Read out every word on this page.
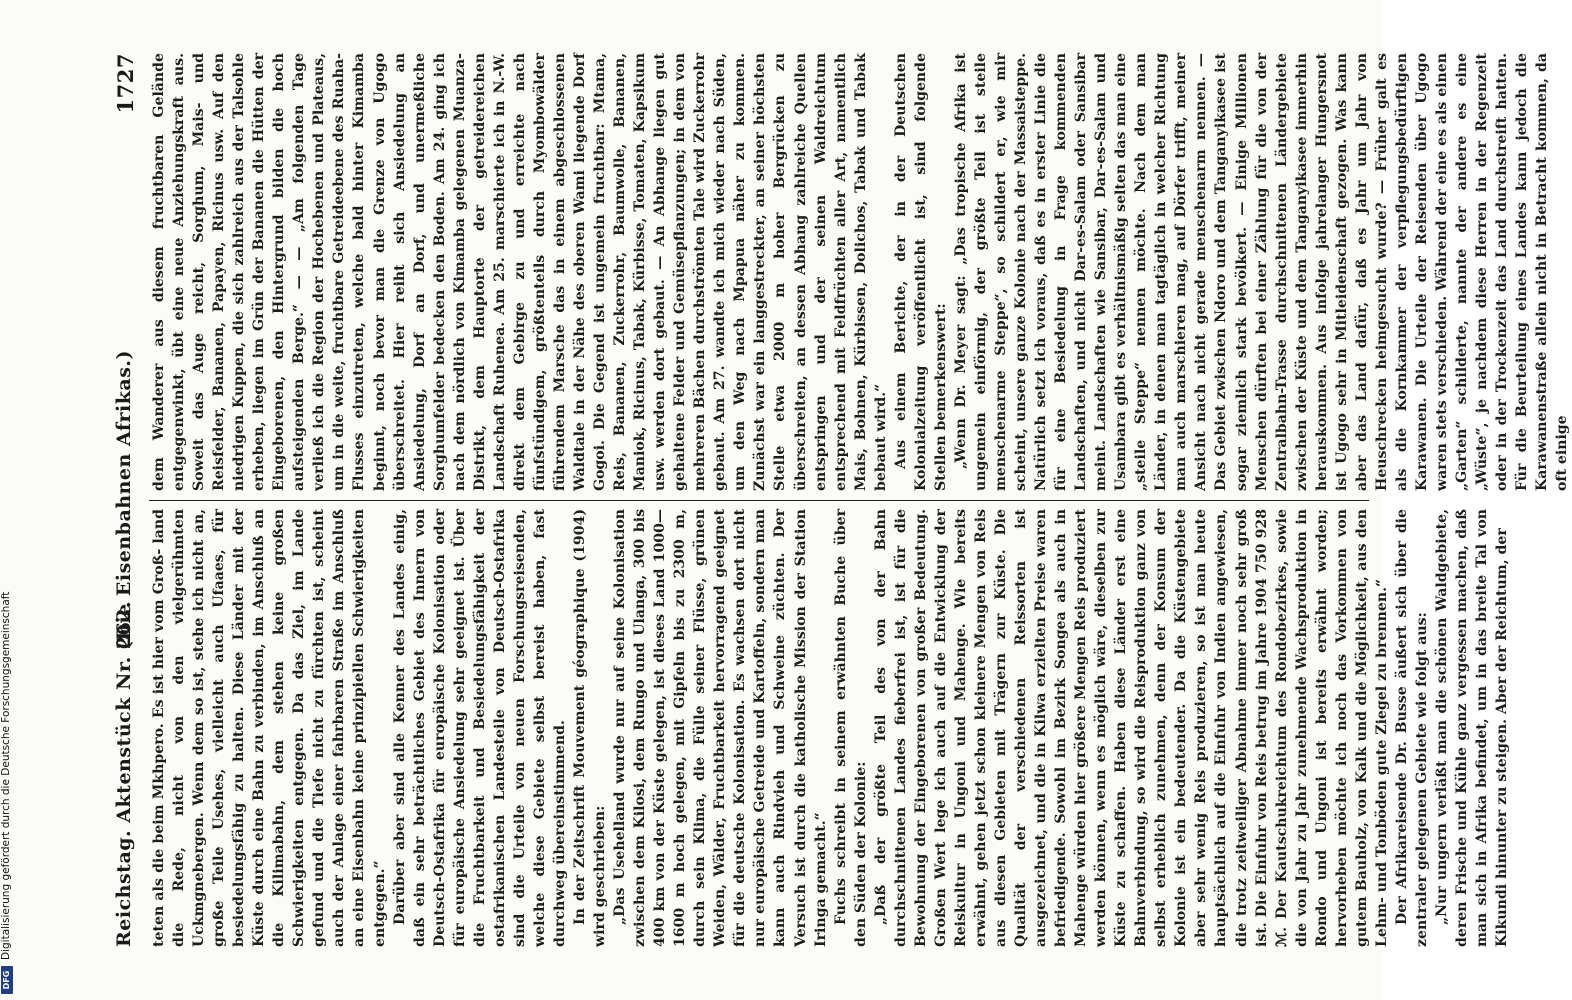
Reichstag. Aktenstück Nr. 262.
(Die Eisenbahnen Afrikas.)
1727

teten als die beim Mkhpero. Es ist hier vom Groß- land die Rede, nicht von den vielgerühmten Uckmgnebergen. Wenn dem so ist, stehe ich nicht an, große Teile Usehes, vielleicht auch Ufaaes, für besiedelungsfähig zu halten. Diese Länder mit der Küste durch eine Bahn zu verbinden, im Anschluß an die Kilimabahn, dem stehen keine großen Schwierigkeiten entgegen. Da das Ziel, im Lande gefund und die Tiefe nicht zu fürchten ist, scheint auch der Anlage einer fahrbaren Straße im Anschluß an eine Eisenbahn keine prinzipiellen Schwierigkeiten entgegen.“ Darüber aber sind alle Kenner des Landes einig, daß ein sehr beträchtliches Gebiet des Innern von Deutsch-Ostafrika für europäische Kolonisation oder für europäische Ansiedelung sehr geeignet ist. Über die Fruchtbarkeit und Besiedelungsfähigkeit der ostafrikanischen Landesteile von Deutsch-Ostafrika sind die Urteile von neuen Forschungsreisenden, welche diese Gebiete selbst bereist haben, fast durchweg übereinstimmend. In der Zeitschrift Mouvement géographique (1904) wird geschrieben: „Das Usehelland wurde nur auf seine Kolonisation zwischen dem Kilosi, dem Rungo und Ulanga, 300 bis 400 km von der Küste gelegen, ist dieses Land 1000—1600 m hoch gelegen, mit Gipfeln bis zu 2300 m, durch sein Klima, die Fülle seiner Flüsse, grünen Weiden, Wälder, Fruchtbarkeit hervorragend geeignet für die deutsche Kolonisation. Es wachsen dort nicht nur europäische Getreide und Kartoffeln, sondern man kann auch Rindvieh und Schweine züchten. Der Versuch ist durch die katholische Mission der Station Iringa gemacht.“ Fuchs schreibt in seinem erwähnten Buche über den Süden der Kolonie: „Daß der größte Teil des von der Bahn durchschnittenen Landes fieberfrei ist, ist für die Bewohnung der Eingeborenen von großer Bedeutung. Großen Wert lege ich auch auf die Entwicklung der Reiskultur in Ungoni und Mahenge. Wie bereits erwähnt, gehen jetzt schon kleinere Mengen von Reis aus diesen Gebieten mit Trägern zur Küste. Die Qualität der verschiedenen Reissorten ist ausgezeichnet, und die in Kilwa erzielten Preise waren befriedigende. Sowohl im Bezirk Songea als auch in Mahenge würden hier größere Mengen Reis produziert werden können, wenn es möglich wäre, dieselben zur Küste zu schaffen. Haben diese Länder erst eine Bahnverbindung, so wird die Reisproduktion ganz von selbst erheblich zunehmen, denn der Konsum der Kolonie ist ein bedeutender. Da die Küstengebiete aber sehr wenig Reis produzieren, so ist man heute hauptsächlich auf die Einfuhr von Indien angewiesen, die trotz zeitweiliger Abnahme immer noch sehr groß ist. Die Einfuhr von Reis betrug im Jahre 1904 750 928 ℳ. Der Kautschukreichtum des Rondobezirkes, sowie die von Jahr zu Jahr zunehmende Wachsproduktion in Rondo und Ungoni ist bereits erwähnt worden; hervorheben möchte ich noch das Vorkommen von gutem Bauholz, von Kalk und die Möglichkeit, aus den Lehm- und Tonböden gute Ziegel zu brennen.“ Der Afrikareisende Dr. Busse äußert sich über die zentraler gelegenen Gebiete wie folgt aus: „Nur ungern verläßt man die schönen Waldgebiete, deren Frische und Kühle ganz vergessen machen, daß man sich in Afrika befindet, um in das breite Tal von Kikundi hinunter zu steigen. Aber der Reichtum, der

dem Wanderer aus diesem fruchtbaren Gelände entgegenwinkt, übt eine neue Anziehungskraft aus. Soweit das Auge reicht, Sorghum, Mais- und Reisfelder, Bananen, Papayen, Ricinus usw. Auf den niedrigen Kuppen, die sich zahlreich aus der Talsohle erheben, liegen im Grün der Bananen die Hütten der Eingeborenen, den Hintergrund bilden die hoch aufsteigenden Berge.“ — — „Am folgenden Tage verließ ich die Region der Hochebenen und Plateaus, um in die weite, fruchtbare Getreideebene des Ruaha-Flusses einzutreten, welche bald hinter Kimamba beginnt, noch bevor man die Grenze von Ugogo überschreitet. Hier reiht sich Ansiedelung an Ansiedelung, Dorf an Dorf, und unermeßliche Sorghumfelder bedecken den Boden. Am 24. ging ich nach dem nördlich von Kimamba gelegenen Muanza-Distrikt, dem Hauptorte der getreidereichen Landschaft Ruhenea. Am 25. marschierte ich in N.-W. direkt dem Gebirge zu und erreichte nach fünfstündigem, größtenteils durch Myombowälder führendem Marsche das in einem abgeschlossenen Waldtale in der Nähe des oberen Wami liegende Dorf Gogoi. Die Gegend ist ungemein fruchtbar: Mtama, Reis, Bananen, Zuckerrohr, Baumwolle, Bananen, Maniok, Ricinus, Tabak, Kürbisse, Tomaten, Kapsikum usw. werden dort gebaut. — An Abhange liegen gut gehaltene Felder und Gemüsepflanzungen; in dem von mehreren Bächen durchströmten Tale wird Zuckerrohr gebaut. Am 27. wandte ich mich wieder nach Süden, um den Weg nach Mpapua näher zu kommen. Zunächst war ein langgestreckter, an seiner höchsten Stelle etwa 2000 m hoher Bergrücken zu überschreiten, an dessen Abhang zahlreiche Quellen entspringen und der seinen Waldreichtum entsprechend mit Feldfrüchten aller Art, namentlich Mais, Bohnen, Kürbissen, Dolichos, Tabak und Tabak bebaut wird.“ Aus einem Berichte, der in der Deutschen Kolonialzeitung veröffentlicht ist, sind folgende Stellen bemerkenswert: „Wenn Dr. Meyer sagt: „Das tropische Afrika ist ungemein einförmig, der größte Teil ist steile menschenarme Steppe“, so schildert er, wie mir scheint, unsere ganze Kolonie nach der Massaisteppe. Natürlich setzt ich voraus, daß es in erster Linie die für eine Besiedelung in Frage kommenden Landschaften, und nicht Dar-es-Salam oder Sansibar meint. Landschaften wie Sansibar, Dar-es-Salam und Usambara gibt es verhältnismäßig selten das man eine „steile Steppe“ nennen möchte. Nach dem man Länder, in denen man tagtäglich in welcher Richtung man auch marschieren mag, auf Dörfer trifft, meiner Ansicht nach nicht gerade menschenarm nennen. — Das Gebiet zwischen Ndoro und dem Tanganyikasee ist sogar ziemlich stark bevölkert. — Einige Millionen Menschen dürften bei einer Zählung für die von der Zentralbahn-Trasse durchschnittenen Ländergebiete zwischen der Küste und dem Tanganyikasee immerhin herauskommen. Aus infolge jahrelanger Hungersnot ist Ugogo sehr in Mitleidenschaft gezogen. Was kann aber das Land dafür, daß es Jahr um Jahr von Heuschrecken heimgesucht wurde? — Früher galt es als die Kornkammer der verpflegungsbedürftigen Karawanen. Die Urteile der Reisenden über Ugogo waren stets verschieden. Während der eine es als einen „Garten“ schilderte, nannte der andere es eine „Wüste“, je nachdem diese Herren in der Regenzeit oder in der Trockenzeit das Land durchstreift hatten. Für die Beurteilung eines Landes kann jedoch die Karawanenstraße allein nicht in Betracht kommen, da oft einige

Digitalisierung gefördert durch die Deutsche Forschungsgemeinschaft
DFG
